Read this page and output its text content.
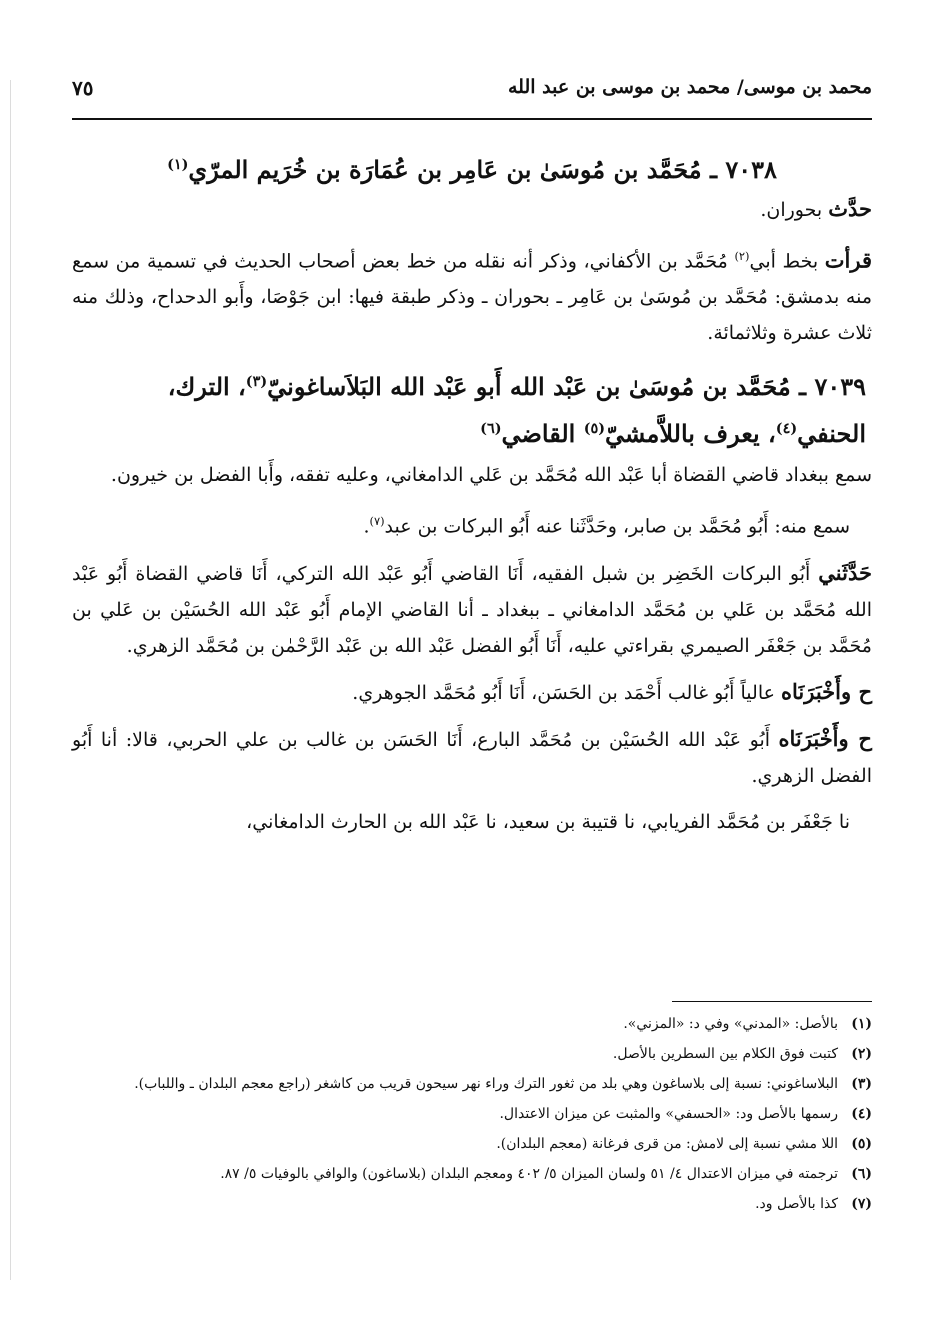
محمد بن موسى/ محمد بن موسى بن عبد الله
٧٥
٧٠٣٨ ـ مُحَمَّد بن مُوسَىٰ بن عَامِر بن عُمَارَة بن خُرَيم المرّي$^{(١)}$

حدَّث بحوران.

قرأت بخط أبي$^{(٢)}$ مُحَمَّد بن الأكفاني، وذكر أنه نقله من خط بعض أصحاب الحديث في تسمية من سمع منه بدمشق: مُحَمَّد بن مُوسَىٰ بن عَامِر ـ بحوران ـ وذكر طبقة فيها: ابن جَوْصَا، وأَبو الدحداح، وذلك منه ثلاث عشرة وثلاثمائة.

٧٠٣٩ ـ مُحَمَّد بن مُوسَىٰ بن عَبْد الله أَبو عَبْد الله البَلاَساغونيّ$^{(٣)}$، الترك، الحنفي$^{(٤)}$، يعرف باللاَّمشيّ$^{(٥)}$ القاضي$^{(٦)}$

سمع ببغداد قاضي القضاة أبا عَبْد الله مُحَمَّد بن عَلي الدامغاني، وعليه تفقه، وأَبا الفضل بن خيرون.

سمع منه: أَبُو مُحَمَّد بن صابر، وحَدَّثَنا عنه أَبُو البركات بن عبد$^{(٧)}$.

حَدَّثَني أَبُو البركات الخَضِر بن شبل الفقيه، أَنَا القاضي أَبُو عَبْد الله التركي، أَنَا قاضي القضاة أَبُو عَبْد الله مُحَمَّد بن عَلي بن مُحَمَّد الدامغاني ـ ببغداد ـ أنا القاضي الإمام أَبُو عَبْد الله الحُسَيْن بن عَلي بن مُحَمَّد بن جَعْفَر الصيمري بقراءتي عليه، أَنَا أَبُو الفضل عَبْد الله بن عَبْد الرَّحْمٰن بن مُحَمَّد الزهري.

ح وأَخْبَرَنَاه عالياً أَبُو غالب أَحْمَد بن الحَسَن، أَنَا أَبُو مُحَمَّد الجوهري.

ح وأَخْبَرَنَاه أَبُو عَبْد الله الحُسَيْن بن مُحَمَّد البارع، أَنَا الحَسَن بن غالب بن علي الحربي، قالا: أنا أَبُو الفضل الزهري.

نا جَعْفَر بن مُحَمَّد الفريابي، نا قتيبة بن سعيد، نا عَبْد الله بن الحارث الدامغاني،

(١)
بالأصل: «المدني» وفي د: «المزني».
(٢)
كتبت فوق الكلام بين السطرين بالأصل.
(٣)
البلاساغوني: نسبة إلى بلاساغون وهي بلد من ثغور الترك وراء نهر سيحون قريب من كاشغر (راجع معجم البلدان ـ واللباب).
(٤)
رسمها بالأصل ود: «الحسفي» والمثبت عن ميزان الاعتدال.
(٥)
اللا مشي نسبة إلى لامش: من قرى فرغانة (معجم البلدان).
(٦)
ترجمته في ميزان الاعتدال ٤/ ٥١ ولسان الميزان ٥/ ٤٠٢ ومعجم البلدان (بلاساغون) والوافي بالوفيات ٥/ ٨٧.
(٧)
كذا بالأصل ود.
